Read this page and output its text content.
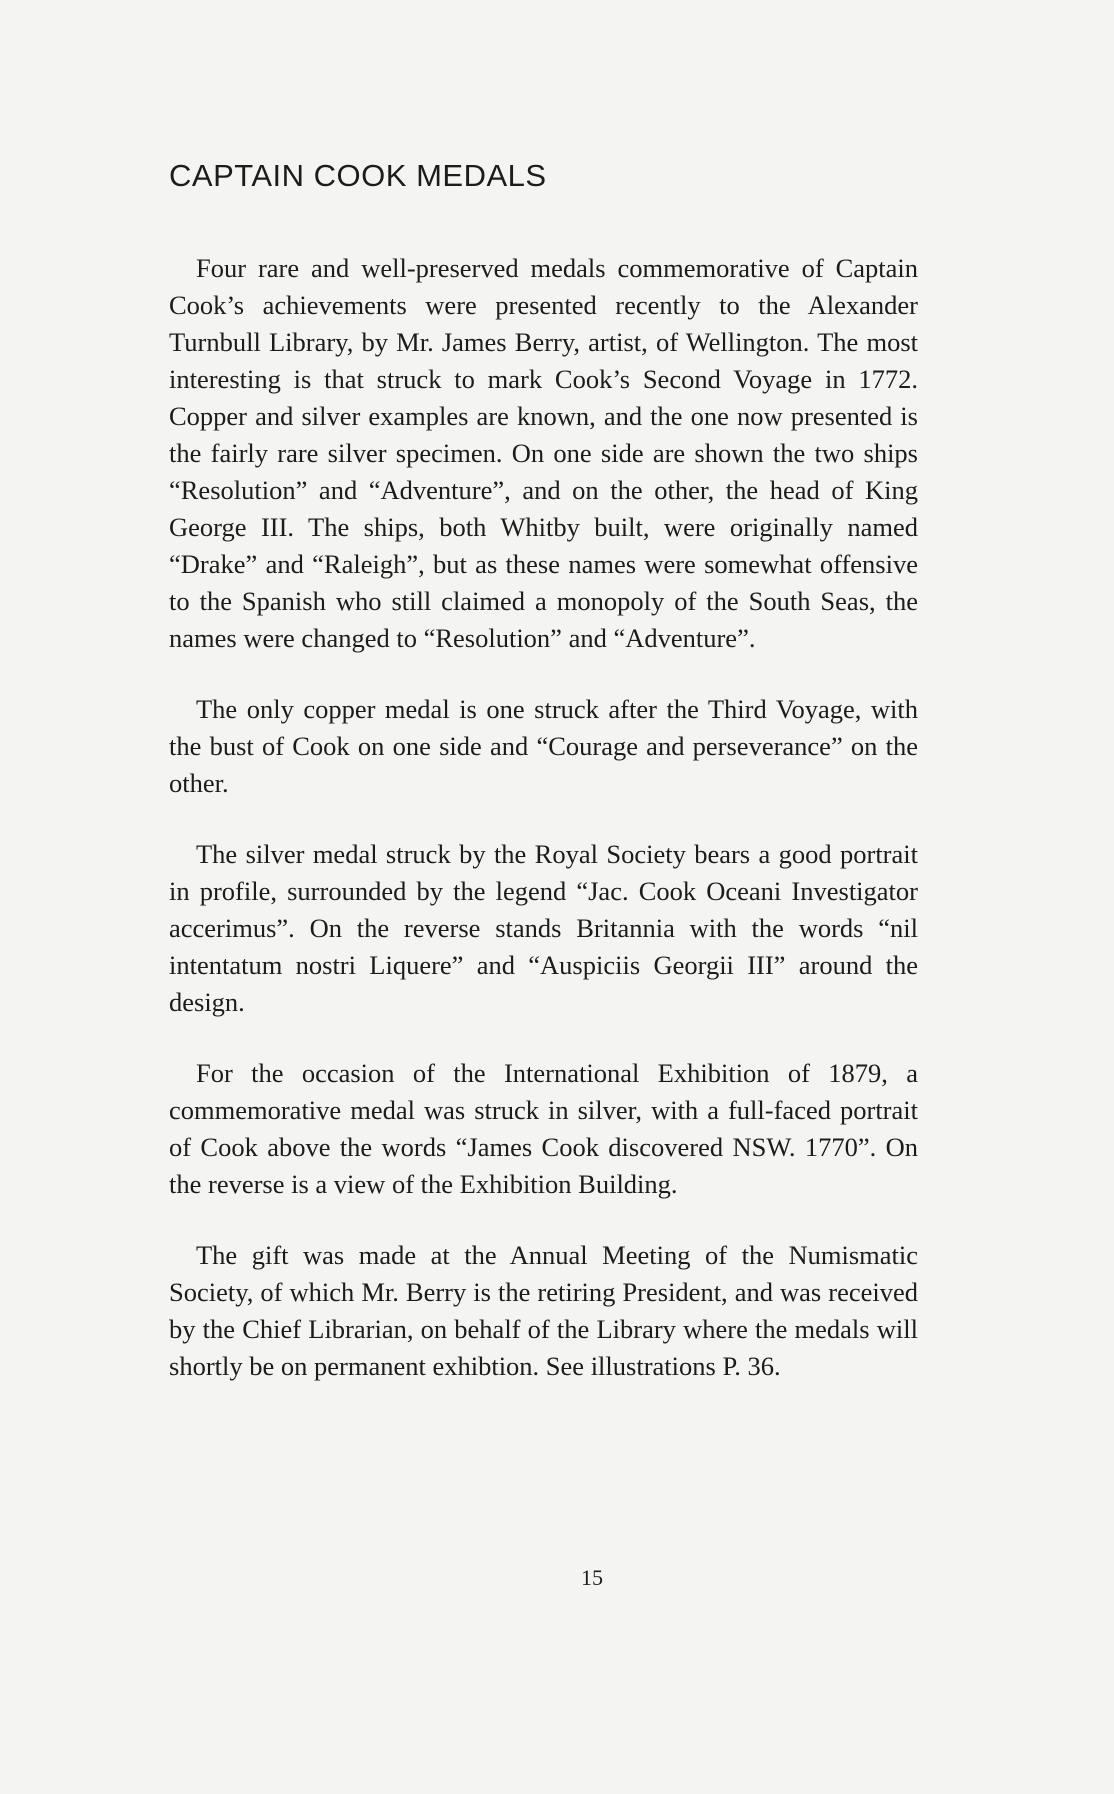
CAPTAIN COOK MEDALS

Four rare and well-preserved medals commemorative of Captain Cook’s achievements were presented recently to the Alexander Turnbull Library, by Mr. James Berry, artist, of Wellington. The most interesting is that struck to mark Cook’s Second Voyage in 1772. Copper and silver examples are known, and the one now presented is the fairly rare silver specimen. On one side are shown the two ships “Resolution” and “Adventure”, and on the other, the head of King George III. The ships, both Whitby built, were originally named “Drake” and “Raleigh”, but as these names were somewhat offensive to the Spanish who still claimed a monopoly of the South Seas, the names were changed to “Resolution” and “Adventure”.

The only copper medal is one struck after the Third Voyage, with the bust of Cook on one side and “Courage and perseverance” on the other.

The silver medal struck by the Royal Society bears a good portrait in profile, surrounded by the legend “Jac. Cook Oceani Investigator accerimus”. On the reverse stands Britannia with the words “nil intentatum nostri Liquere” and “Auspiciis Georgii III” around the design.

For the occasion of the International Exhibition of 1879, a commemorative medal was struck in silver, with a full-faced portrait of Cook above the words “James Cook discovered NSW. 1770”. On the reverse is a view of the Exhibition Building.

The gift was made at the Annual Meeting of the Numismatic Society, of which Mr. Berry is the retiring President, and was received by the Chief Librarian, on behalf of the Library where the medals will shortly be on permanent exhibtion. See illustrations P. 36.

15
